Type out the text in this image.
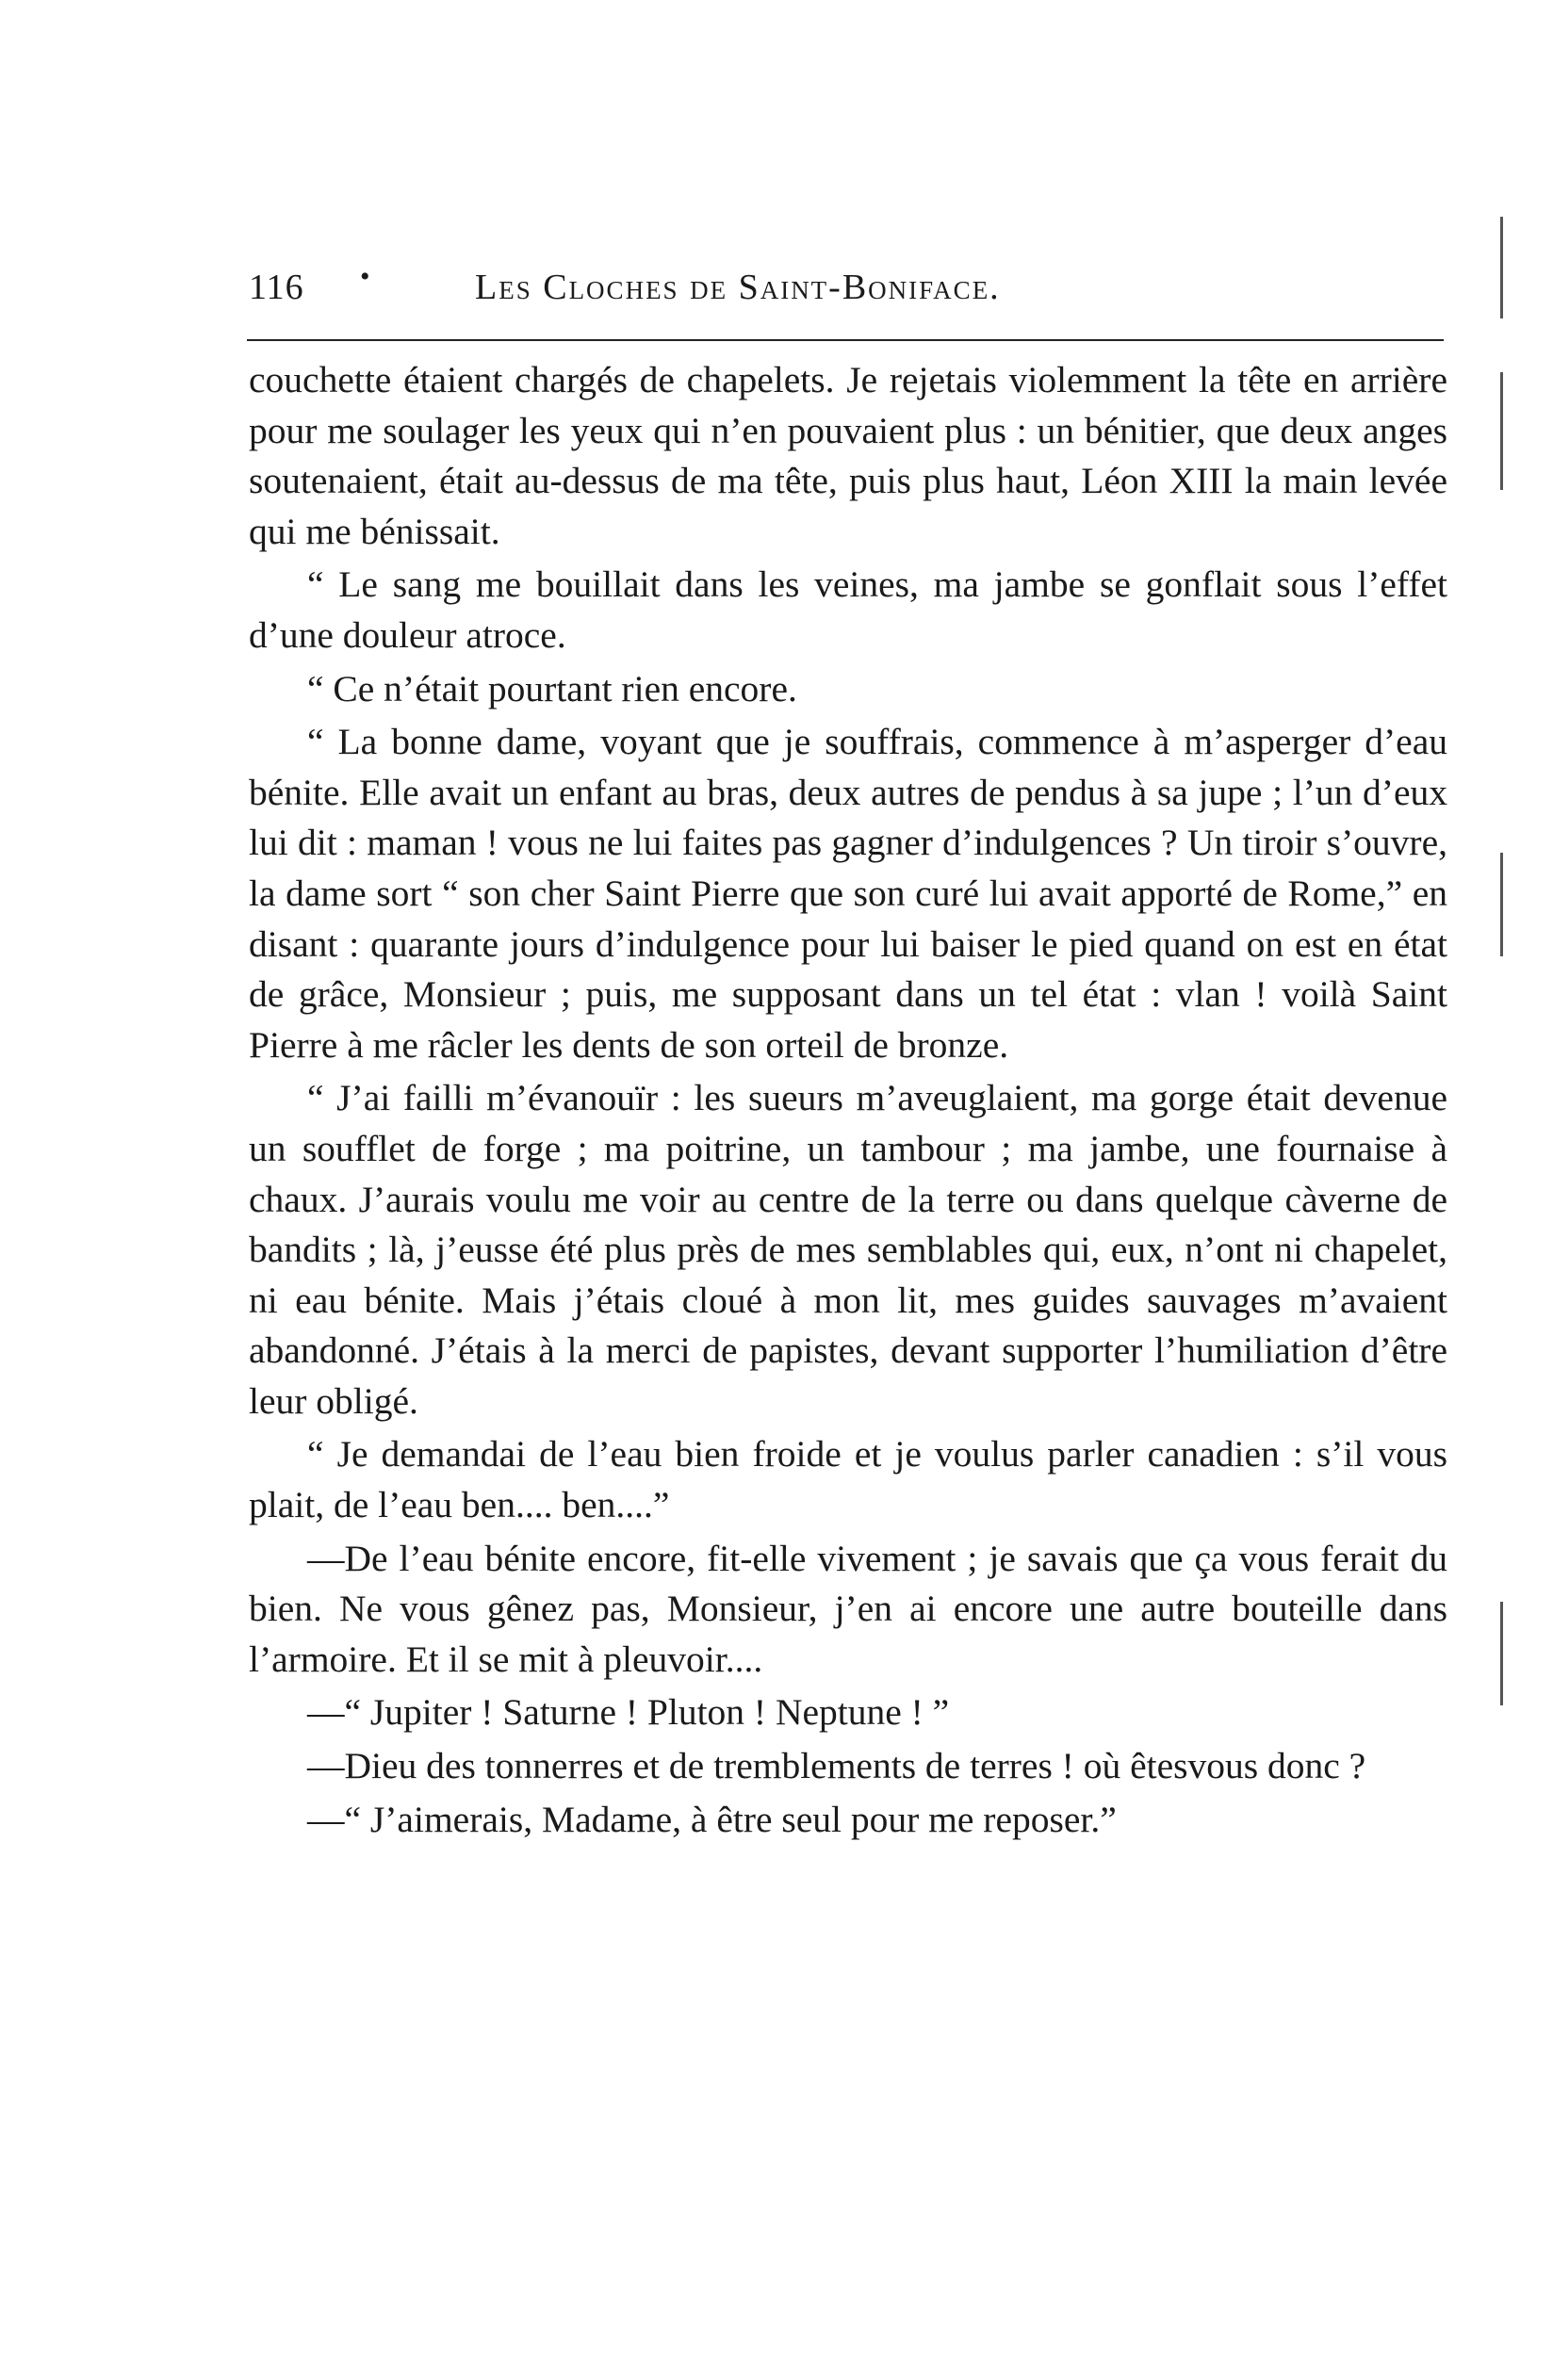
116 •	Les Cloches de Saint-Boniface.

couchette étaient chargés de chapelets. Je rejetais violemment la tête en arrière pour me soulager les yeux qui n’en pouvaient plus : un bénitier, que deux anges soutenaient, était au-dessus de ma tête, puis plus haut, Léon XIII la main levée qui me bénissait.

“ Le sang me bouillait dans les veines, ma jambe se gonflait sous l’effet d’une douleur atroce.

“ Ce n’était pourtant rien encore.

“ La bonne dame, voyant que je souffrais, commence à m’asperger d’eau bénite. Elle avait un enfant au bras, deux autres de pendus à sa jupe ; l’un d’eux lui dit : maman ! vous ne lui faites pas gagner d’indulgences ? Un tiroir s’ouvre, la dame sort “ son cher Saint Pierre que son curé lui avait apporté de Rome,” en disant : quarante jours d’indulgence pour lui baiser le pied quand on est en état de grâce, Monsieur ; puis, me supposant dans un tel état : vlan ! voilà Saint Pierre à me râcler les dents de son orteil de bronze.

“ J’ai failli m’évanouïr : les sueurs m’aveuglaient, ma gorge était devenue un soufflet de forge ; ma poitrine, un tambour ; ma jambe, une fournaise à chaux. J’aurais voulu me voir au centre de la terre ou dans quelque càverne de bandits ; là, j’eusse été plus près de mes semblables qui, eux, n’ont ni chapelet, ni eau bénite. Mais j’étais cloué à mon lit, mes guides sauvages m’avaient abandonné. J’étais à la merci de papistes, devant supporter l’humiliation d’être leur obligé.

“ Je demandai de l’eau bien froide et je voulus parler canadien : s’il vous plait, de l’eau ben.... ben....”

—De l’eau bénite encore, fit-elle vivement ; je savais que ça vous ferait du bien. Ne vous gênez pas, Monsieur, j’en ai encore une autre bouteille dans l’armoire. Et il se mit à pleuvoir....

—“ Jupiter ! Saturne ! Pluton ! Neptune ! ”

—Dieu des tonnerres et de tremblements de terres ! où êtesvous donc ?

—“ J’aimerais, Madame, à être seul pour me reposer.”
